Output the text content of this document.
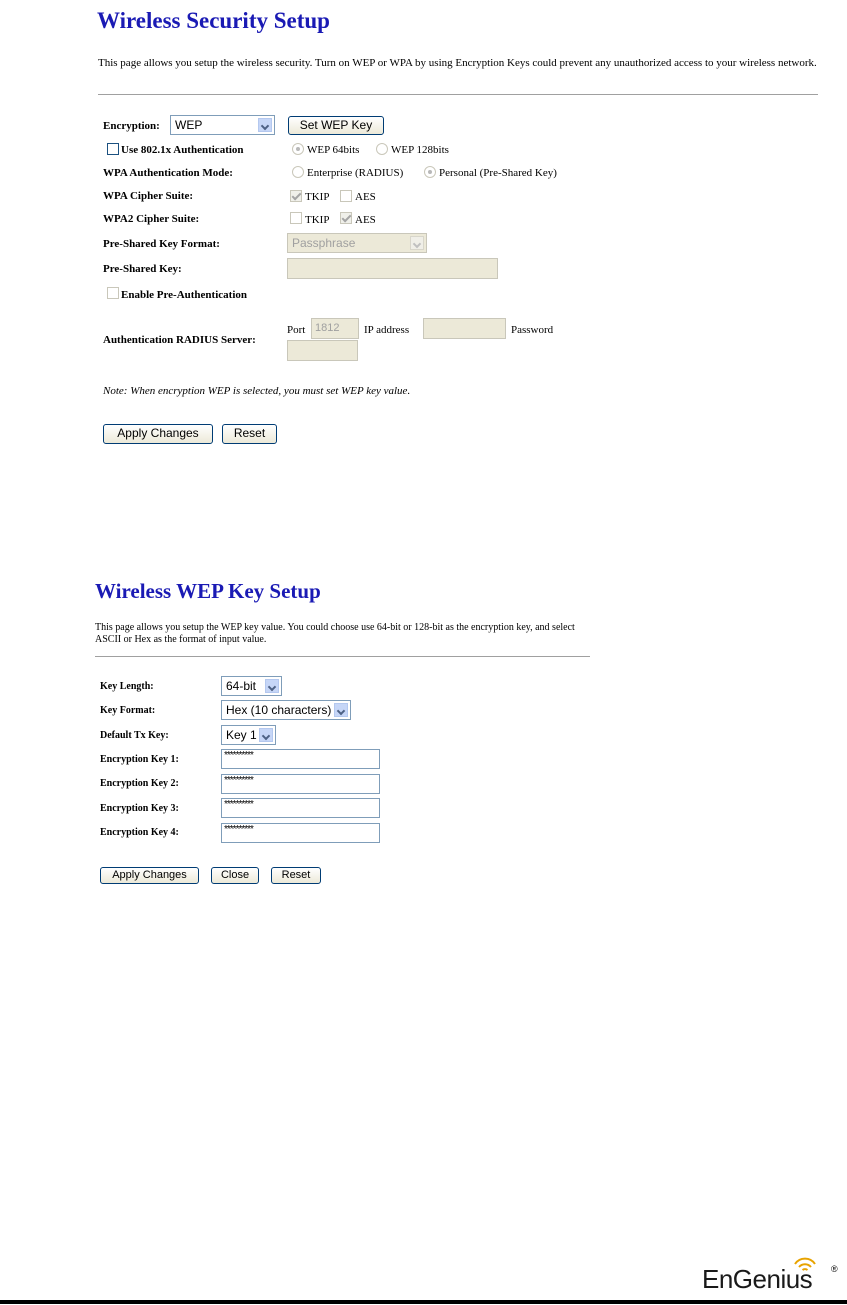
Wireless Security Setup
This page allows you setup the wireless security. Turn on WEP or WPA by using Encryption Keys could prevent any unauthorized access to your wireless network.
Encryption: WEP	Set WEP Key
Use 802.1x Authentication	WEP 64bits	WEP 128bits
WPA Authentication Mode:	Enterprise (RADIUS)	Personal (Pre-Shared Key)
WPA Cipher Suite:	TKIP AES
WPA2 Cipher Suite:	TKIP AES
Pre-Shared Key Format:	Passphrase
Pre-Shared Key:
Enable Pre-Authentication
Authentication RADIUS Server:
Port 1812 IP address	Password
Note: When encryption WEP is selected, you must set WEP key value.
Apply Changes	Reset
Wireless WEP Key Setup
This page allows you setup the WEP key value. You could choose use 64-bit or 128-bit as the encryption key, and select ASCII or Hex as the format of input value.
Key Length:	64-bit
Key Format:	Hex (10 characters)
Default Tx Key:	Key 1
Encryption Key 1:	**********
Encryption Key 2:	**********
Encryption Key 3:	**********
Encryption Key 4:	**********
Apply Changes	Close	Reset
EnGenius ®
